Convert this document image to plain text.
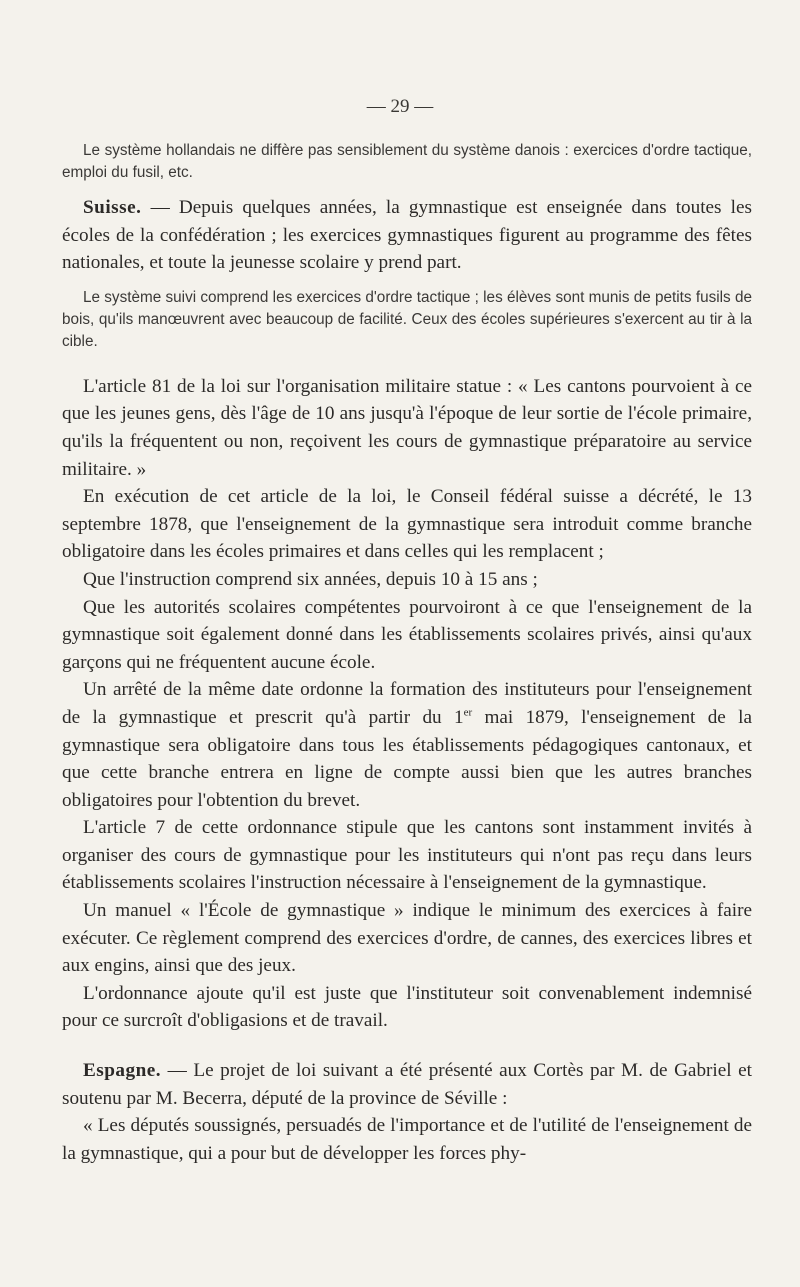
— 29 —

Le système hollandais ne diffère pas sensiblement du système danois : exercices d'ordre tactique, emploi du fusil, etc.

Suisse. — Depuis quelques années, la gymnastique est enseignée dans toutes les écoles de la confédération ; les exercices gymnastiques figurent au programme des fêtes nationales, et toute la jeunesse scolaire y prend part.

Le système suivi comprend les exercices d'ordre tactique ; les élèves sont munis de petits fusils de bois, qu'ils manœuvrent avec beaucoup de facilité. Ceux des écoles supérieures s'exercent au tir à la cible.

L'article 81 de la loi sur l'organisation militaire statue : « Les cantons pourvoient à ce que les jeunes gens, dès l'âge de 10 ans jusqu'à l'époque de leur sortie de l'école primaire, qu'ils la fréquentent ou non, reçoivent les cours de gymnastique préparatoire au service militaire. »

En exécution de cet article de la loi, le Conseil fédéral suisse a décrété, le 13 septembre 1878, que l'enseignement de la gymnastique sera introduit comme branche obligatoire dans les écoles primaires et dans celles qui les remplacent ;

Que l'instruction comprend six années, depuis 10 à 15 ans ;

Que les autorités scolaires compétentes pourvoiront à ce que l'enseignement de la gymnastique soit également donné dans les établissements scolaires privés, ainsi qu'aux garçons qui ne fréquentent aucune école.

Un arrêté de la même date ordonne la formation des instituteurs pour l'enseignement de la gymnastique et prescrit qu'à partir du 1er mai 1879, l'enseignement de la gymnastique sera obligatoire dans tous les établissements pédagogiques cantonaux, et que cette branche entrera en ligne de compte aussi bien que les autres branches obligatoires pour l'obtention du brevet.

L'article 7 de cette ordonnance stipule que les cantons sont instamment invités à organiser des cours de gymnastique pour les instituteurs qui n'ont pas reçu dans leurs établissements scolaires l'instruction nécessaire à l'enseignement de la gymnastique.

Un manuel « l'École de gymnastique » indique le minimum des exercices à faire exécuter. Ce règlement comprend des exercices d'ordre, de cannes, des exercices libres et aux engins, ainsi que des jeux.

L'ordonnance ajoute qu'il est juste que l'instituteur soit convenablement indemnisé pour ce surcroît d'obligasions et de travail.

Espagne. — Le projet de loi suivant a été présenté aux Cortès par M. de Gabriel et soutenu par M. Becerra, député de la province de Séville :

« Les députés soussignés, persuadés de l'importance et de l'utilité de l'enseignement de la gymnastique, qui a pour but de développer les forces phy-
